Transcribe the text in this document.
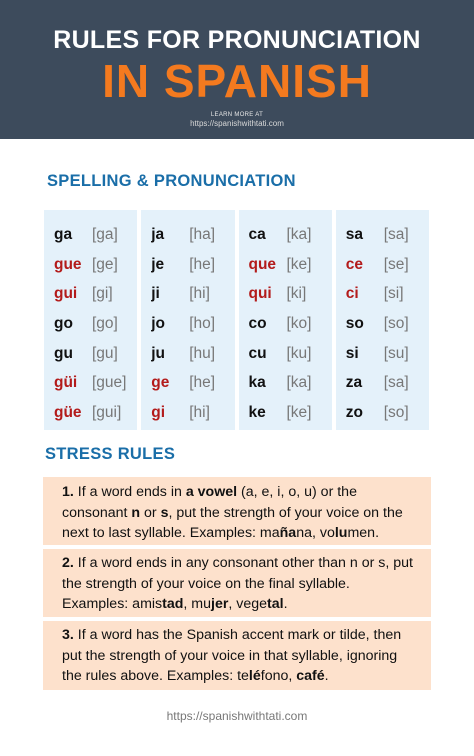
RULES FOR PRONUNCIATION
IN SPANISH
LEARN MORE AT
https://spanishwithtati.com
SPELLING & PRONUNCIATION
ga	[ga]
gue [ge]
gui [gi]
go	[go]
gu	[gu]
güi [gue]
güe [gui]
ja	[ha]
je	[he]
ji	[hi]
jo	[ho]
ju	[hu]
ge	[he]
gi	[hi]
ca	[ka]
que [ke]
qui [ki]
co	[ko]
cu	[ku]
ka	[ka]
ke	[ke]
sa	[sa]
ce	[se]
ci	[si]
so	[so]
si	[su]
za	[sa]
zo	[so]
STRESS RULES
1. If a word ends in a vowel (a, e, i, o, u) or the consonant n or s, put the strength of your voice on the next to last syllable. Examples: mañana, volumen.
2. If a word ends in any consonant other than n or s, put the strength of your voice on the final syllable. Examples: amistad, mujer, vegetal.
3. If a word has the Spanish accent mark or tilde, then put the strength of your voice in that syllable, ignoring the rules above. Examples: teléfono, café.
https://spanishwithtati.com
